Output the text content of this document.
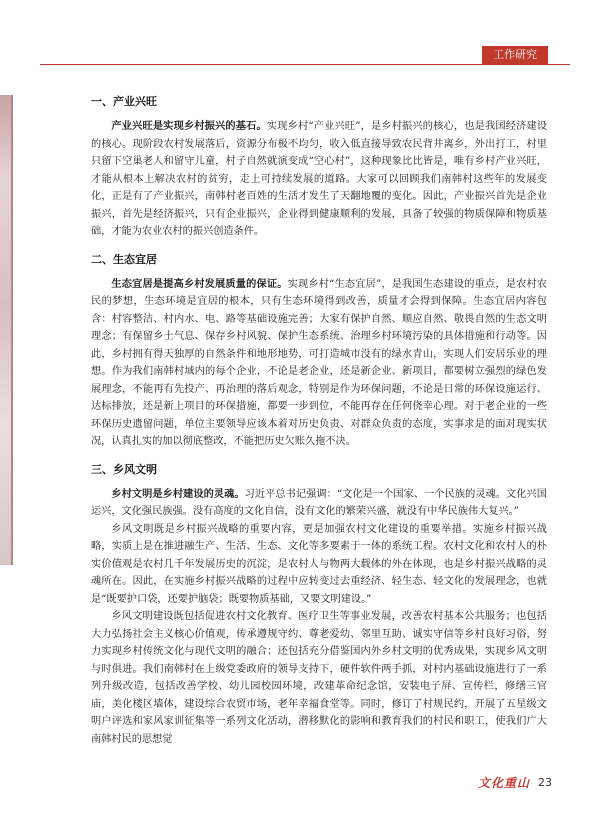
工作研究
一、产业兴旺

产业兴旺是实现乡村振兴的基石。实现乡村“产业兴旺”，是乡村振兴的核心，也是我国经济建设的核心。现阶段农村发展落后，资源分布极不均匀，收入低直接导致农民背井离乡，外出打工，村里只留下空巢老人和留守儿童，村子自然就演变成“空心村”，这种现象比比皆是，唯有乡村产业兴旺，才能从根本上解决农村的贫穷，走上可持续发展的道路。大家可以回顾我们南韩村这些年的发展变化，正是有了产业振兴，南韩村老百姓的生活才发生了天翻地覆的变化。因此，产业振兴首先是企业振兴，首先是经济振兴，只有企业振兴，企业得到健康顺利的发展，具备了较强的物质保障和物质基础，才能为农业农村的振兴创造条件。

二、生态宜居

生态宜居是提高乡村发展质量的保证。实现乡村“生态宜居”，是我国生态建设的重点，是农村农民的梦想，生态环境是宜居的根本，只有生态环境得到改善，质量才会得到保障。生态宜居内容包含：村容整洁、村内水、电、路等基础设施完善；大家有保护自然、顺应自然、敬畏自然的生态文明理念；有保留乡土气息、保存乡村风貌、保护生态系统、治理乡村环境污染的具体措施和行动等。因此，乡村拥有得天独厚的自然条件和地形地势，可打造城市没有的绿水青山，实现人们安居乐业的理想。作为我们南韩村域内的每个企业，不论是老企业，还是新企业、新项目，都要树立强烈的绿色发展理念，不能再有先投产、再治理的落后观念，特别是作为环保问题，不论是日常的环保设施运行、达标排放，还是新上项目的环保措施，都要一步到位，不能再存在任何侥幸心理。对于老企业的一些环保历史遗留问题，单位主要领导应该本着对历史负责、对群众负责的态度，实事求是的面对现实状况，认真扎实的加以彻底整改，不能把历史欠账久拖不决。

三、乡风文明

乡村文明是乡村建设的灵魂。习近平总书记强调：“文化是一个国家、一个民族的灵魂。文化兴国运兴，文化强民族强。没有高度的文化自信，没有文化的繁荣兴盛，就没有中华民族伟大复兴。”

乡风文明既是乡村振兴战略的重要内容，更是加强农村文化建设的重要举措。实施乡村振兴战略，实质上是在推进融生产、生活、生态、文化等多要素于一体的系统工程。农村文化和农村人的朴实价值观是农村几千年发展历史的沉淀，是农村人与物两大载体的外在体现，也是乡村振兴战略的灵魂所在。因此，在实施乡村振兴战略的过程中应转变过去重经济、轻生态、轻文化的发展理念，也就是“既要护口袋，还要护脑袋；既要物质基础，又要文明建设。”

乡风文明建设既包括促进农村文化教育、医疗卫生等事业发展，改善农村基本公共服务；也包括大力弘扬社会主义核心价值观，传承遵规守约、尊老爱幼、邻里互助、诚实守信等乡村良好习俗，努力实现乡村传统文化与现代文明的融合；还包括充分借鉴国内外乡村文明的优秀成果，实现乡风文明与时俱进。我们南韩村在上级党委政府的领导支持下，硬件软件两手抓，对村内基础设施进行了一系列升级改造，包括改善学校、幼儿园校园环境，改建革命纪念馆，安装电子屏、宣传栏，修缮三官庙，美化楼区墙体，建设综合农贸市场，老年幸福食堂等。同时，修订了村规民约，开展了五星级文明户评选和家风家训征集等一系列文化活动，潜移默化的影响和教育我们的村民和职工，使我们广大南韩村民的思想觉

文化重山 23
